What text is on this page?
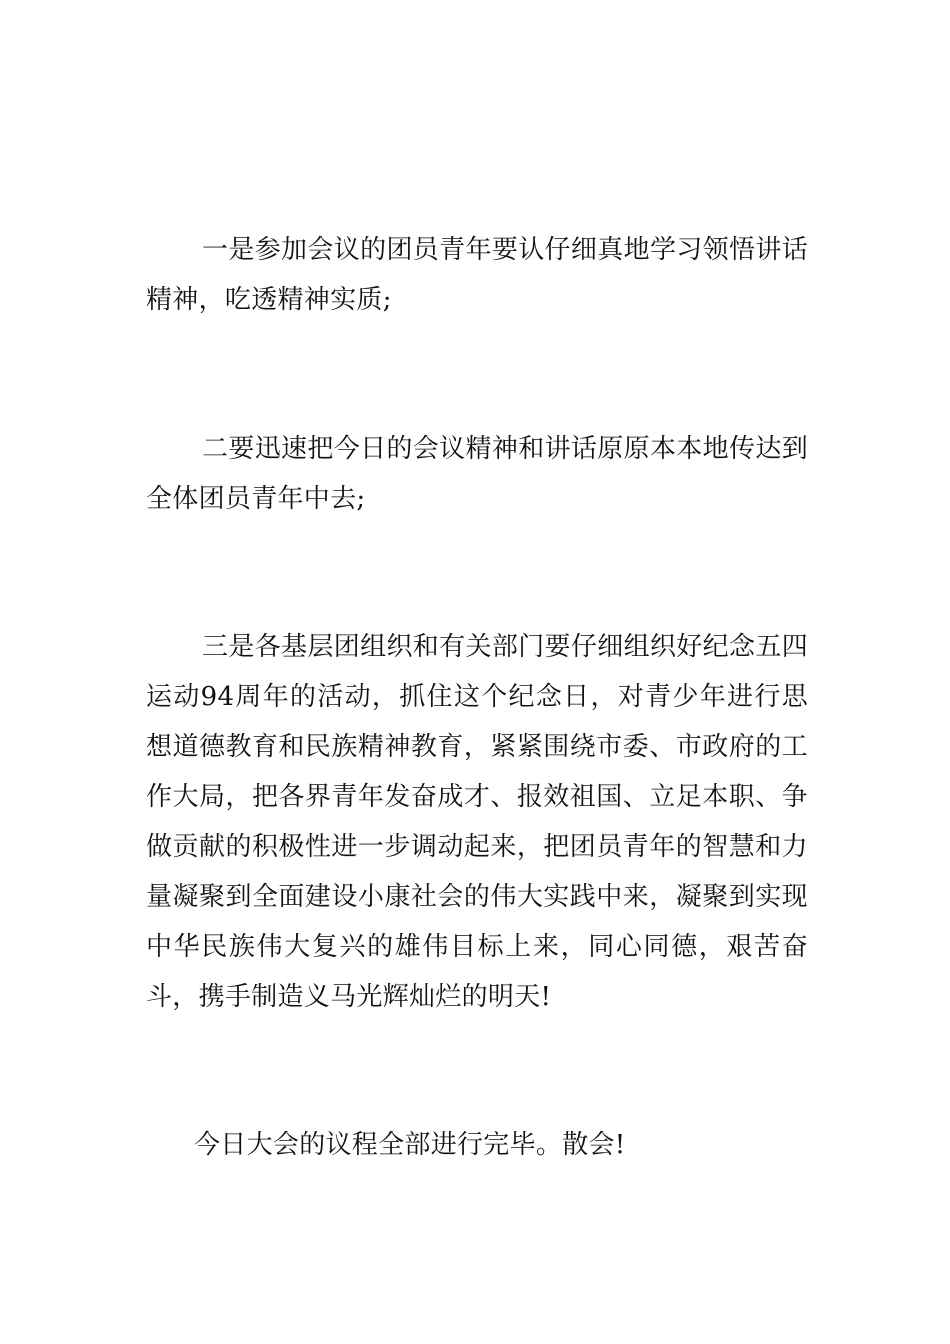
一是参加会议的团员青年要认仔细真地学习领悟讲话精神，吃透精神实质;

二要迅速把今日的会议精神和讲话原原本本地传达到全体团员青年中去;

三是各基层团组织和有关部门要仔细组织好纪念五四运动94周年的活动，抓住这个纪念日，对青少年进行思想道德教育和民族精神教育，紧紧围绕市委、市政府的工作大局，把各界青年发奋成才、报效祖国、立足本职、争做贡献的积极性进一步调动起来，把团员青年的智慧和力量凝聚到全面建设小康社会的伟大实践中来，凝聚到实现中华民族伟大复兴的雄伟目标上来，同心同德，艰苦奋斗，携手制造义马光辉灿烂的明天!

今日大会的议程全部进行完毕。散会!
